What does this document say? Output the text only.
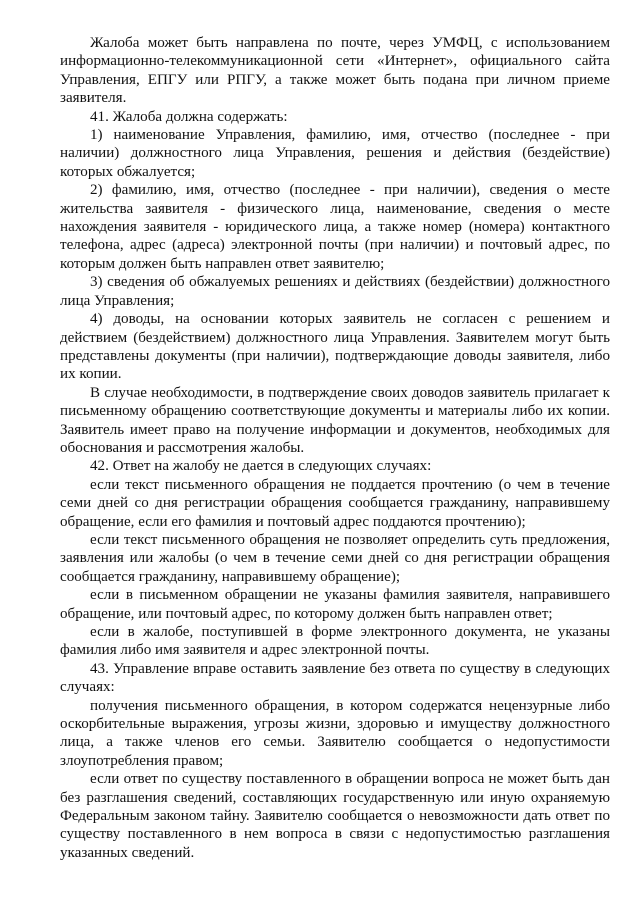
Жалоба может быть направлена по почте, через УМФЦ, с использованием информационно-телекоммуникационной сети «Интернет», официального сайта Управления, ЕПГУ или РПГУ, а также может быть подана при личном приеме заявителя.

41. Жалоба должна содержать:

1) наименование Управления, фамилию, имя, отчество (последнее - при наличии) должностного лица Управления, решения и действия (бездействие) которых обжалуется;

2) фамилию, имя, отчество (последнее - при наличии), сведения о месте жительства заявителя - физического лица, наименование, сведения о месте нахождения заявителя - юридического лица, а также номер (номера) контактного телефона, адрес (адреса) электронной почты (при наличии) и почтовый адрес, по которым должен быть направлен ответ заявителю;

3) сведения об обжалуемых решениях и действиях (бездействии) должностного лица Управления;

4) доводы, на основании которых заявитель не согласен с решением и действием (бездействием) должностного лица Управления. Заявителем могут быть представлены документы (при наличии), подтверждающие доводы заявителя, либо их копии.

В случае необходимости, в подтверждение своих доводов заявитель прилагает к письменному обращению соответствующие документы и материалы либо их копии. Заявитель имеет право на получение информации и документов, необходимых для обоснования и рассмотрения жалобы.

42. Ответ на жалобу не дается в следующих случаях:

если текст письменного обращения не поддается прочтению (о чем в течение семи дней со дня регистрации обращения сообщается гражданину, направившему обращение, если его фамилия и почтовый адрес поддаются прочтению);

если текст письменного обращения не позволяет определить суть предложения, заявления или жалобы (о чем в течение семи дней со дня регистрации обращения сообщается гражданину, направившему обращение);

если в письменном обращении не указаны фамилия заявителя, направившего обращение, или почтовый адрес, по которому должен быть направлен ответ;

если в жалобе, поступившей в форме электронного документа, не указаны фамилия либо имя заявителя и адрес электронной почты.

43. Управление вправе оставить заявление без ответа по существу в следующих случаях:

получения письменного обращения, в котором содержатся нецензурные либо оскорбительные выражения, угрозы жизни, здоровью и имуществу должностного лица, а также членов его семьи. Заявителю сообщается о недопустимости злоупотребления правом;

если ответ по существу поставленного в обращении вопроса не может быть дан без разглашения сведений, составляющих государственную или иную охраняемую Федеральным законом тайну. Заявителю сообщается о невозможности дать ответ по существу поставленного в нем вопроса в связи с недопустимостью разглашения указанных сведений.
